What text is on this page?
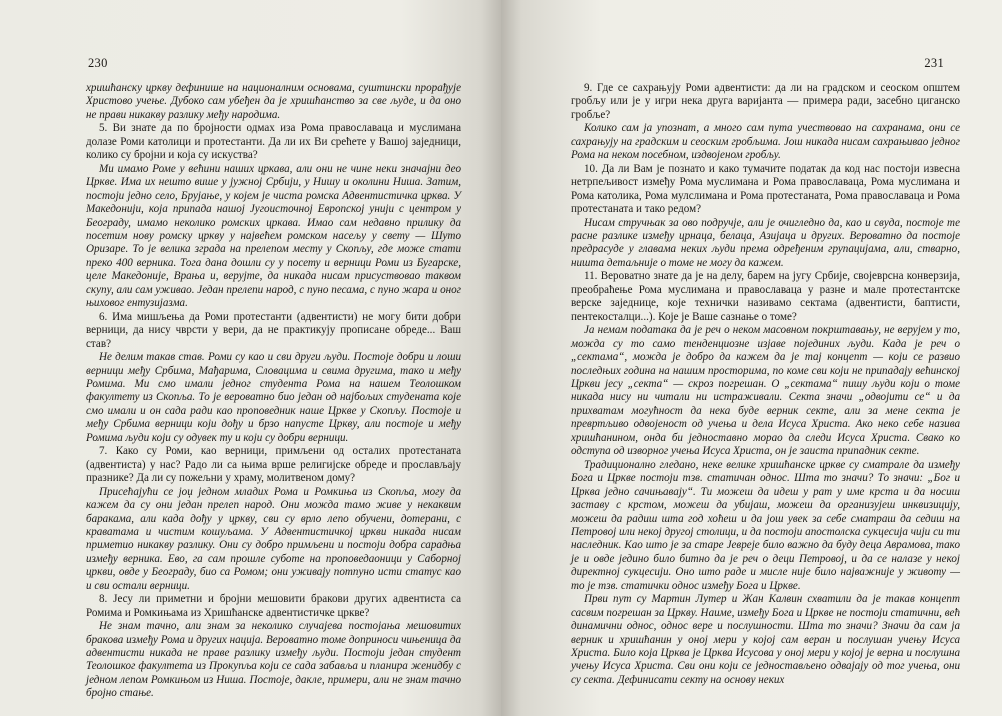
230

хришћанску цркву дефинише на националним основама, суштински прорађује Христово учење. Дубоко сам убеђен да је хришћанство за све људе, и да оно не прави никакву разлику међу народима.

5. Ви знате да по бројности одмах иза Рома православаца и муслимана долазе Роми католици и протестанти. Да ли их Ви срећете у Вашој заједници, колико су бројни и која су искуства?

Ми имамо Роме у већини наших цркава, али они не чине неки значајни део Цркве. Има их нешто више у јужној Србији, у Нишу и околини Ниша. Затим, постоји једно село, Брујање, у којем је чиста ромска Адвентистичка црква. У Македонији, која припада нашој Југоисточној Европској унији с центром у Београду, имамо неколико ромских цркава. Имао сам недавно прилику да посетим нову ромску цркву у највећем ромском насељу у свету — Шуто Оризаре. То је велика зграда на прелепом месту у Скопљу, где може стати преко 400 верника. Тога дана дошли су у посету и верници Роми из Бугарске, целе Македоније, Врања и, верујте, да никада нисам присуствовао таквом скупу, али сам уживао. Један прелепи народ, с пуно песама, с пуно жара и оног њиховог ентузијазма.

6. Има мишљења да Роми протестанти (адвентисти) не могу бити добри верници, да нису чврсти у вери, да не практикују прописане обреде... Ваш став?

Не делим такав став. Роми су као и сви други људи. Постоје добри и лоши верници међу Србима, Мађарима, Словацима и свима другима, тако и међу Ромима. Ми смо имали једног студента Рома на нашем Теолошком факултету из Скопља. То је вероватно био један од најбољих студената које смо имали и он сада ради као проповедник наше Цркве у Скопљу. Постоје и међу Србима верници који дођу и брзо напусте Цркву, али постоје и међу Ромима људи који су одувек ту и који су добри верници.

7. Како су Роми, као верници, примљени од осталих протестаната (адвентиста) у нас? Радо ли са њима врше религијске обреде и прослављају празнике? Да ли су пожељни у храму, молитвеном дому?

Присећајући се јоџ једном младих Рома и Ромкиња из Скопља, могу да кажем да су они један прелеп народ. Они можда тамо живе у некаквим баракама, али када дођу у цркву, сви су врло лепо обучени, дотерани, с краватама и чистим кошуљама. У Адвентистичкој цркви никада нисам приметио никакву разлику. Они су добро примљени и постоји добра сарадња између верника. Ево, га сам прошле суботе на проповедаоници у Саборној цркви, овде у Београду, био са Ромом; они уживају потпуно исти статус као и сви остали верници.

8. Јесу ли приметни и бројни мешовити бракови других адвентиста са Ромима и Ромкињама из Хришћанске адвентистичке цркве?

Не знам тачно, али знам за неколико случајева постојања мешовитих бракова између Рома и других нација. Вероватно томе доприноси чињеница да адвентисти никада не праве разлику између људи. Постоји један студент Теолошког факултета из Прокупља који се сада забавља и планира женидбу с једном лепом Ромкињом из Ниша. Постоје, дакле, примери, али не знам тачно бројно стање.

231

9. Где се сахрањују Роми адвентисти: да ли на градском и сеоском општем гробљу или је у игри нека друга варијанта — примера ради, засебно циганско гробље?

Колико сам ја упознат, а много сам пута учествовао на сахранама, они се сахрањују на градским и сеоским гробљима. Још никада нисам сахрањивао једног Рома на неком посебном, издвојеном гробљу.

10. Да ли Вам је познато и како тумачите податак да код нас постоји извесна нетрпељивост између Рома муслимана и Рома православаца, Рома муслимана и Рома католика, Рома мулслимана и Рома протестаната, Рома православаца и Рома протестаната и тако редом?

Нисам стручњак за ово подручје, али је очигледно да, као и свуда, постоје те расне разлике између црнаца, белаца, Азијаца и других. Вероватно да постоје предрасуде у главама неких људи према одређеним групацијама, али, стварно, ништа детаљније о томе не могу да кажем.

11. Вероватно знате да је на делу, барем на југу Србије, својеврсна конверзија, преобраћење Рома муслимана и православаца у разне и мале протестантске верске заједнице, које технички називамо сектама (адвентисти, баптисти, пентекосталци...). Које је Ваше сазнање о томе?

Ја немам података да је реч о неком масовном покрштавању, не верујем у то, можда су то само тенденциозне изјаве појединих људи. Када је реч о „сектама“, можда је добро да кажем да је тај концепт — који се развио последњих година на нашим просторима, по коме сви који не припадају већинској Цркви јесу „секта“ — скроз погрешан. О „сектама“ пишу људи који о томе никада нису ни читали ни истраживали. Секта значи „одвојити се“ и да прихватам могућност да нека буде верник секте, али за мене секта је превртљиво одвојеност од учења и дела Исуса Христа. Ако неко себе назива хришћанином, онда би једноставно морао да следи Исуса Христа. Свако ко одступа од изворног учења Исуса Христа, он је заиста припадник секте.

Традиционално гледано, неке велике хришћанске цркве су сматрале да између Бога и Цркве постоји тзв. статичан однос. Шта то значи? То значи: „Бог и Црква једно сачињавају“. Ти можеш да идеш у рат у име крста и да носиш заставу с крстом, можеш да убијаш, можеш да организујеш инквизицију, можеш да радиш шта год хоћеш и да још увек за себе сматраш да седиш на Петровој или некој другој столици, и да постоји апостолска сукцесија чији си ти наследник. Као што је за старе Јевреје било важно да буду деца Аврамова, тако је и овде једино било битно да је реч о деци Петровој, и да се налазе у некој директној сукцесији. Оно што раде и мисле није било најважније у животу — то је тзв. статички однос између Бога и Цркве.

Први пут су Мартин Лутер и Жан Калвин схватили да је такав концепт сасвим погрешан за Цркву. Наиме, између Бога и Цркве не постоји статични, већ динамични однос, однос вере и послушности. Шта то значи? Значи да сам ја верник и хришћанин у оној мери у којој сам веран и послушан учењу Исуса Христа. Било која Црква је Црква Исусова у оној мери у којој је верна и послушна учењу Исуса Христа. Сви они који се једностављено одвајају од тог учења, они су секта. Дефинисати секту на основу неких
